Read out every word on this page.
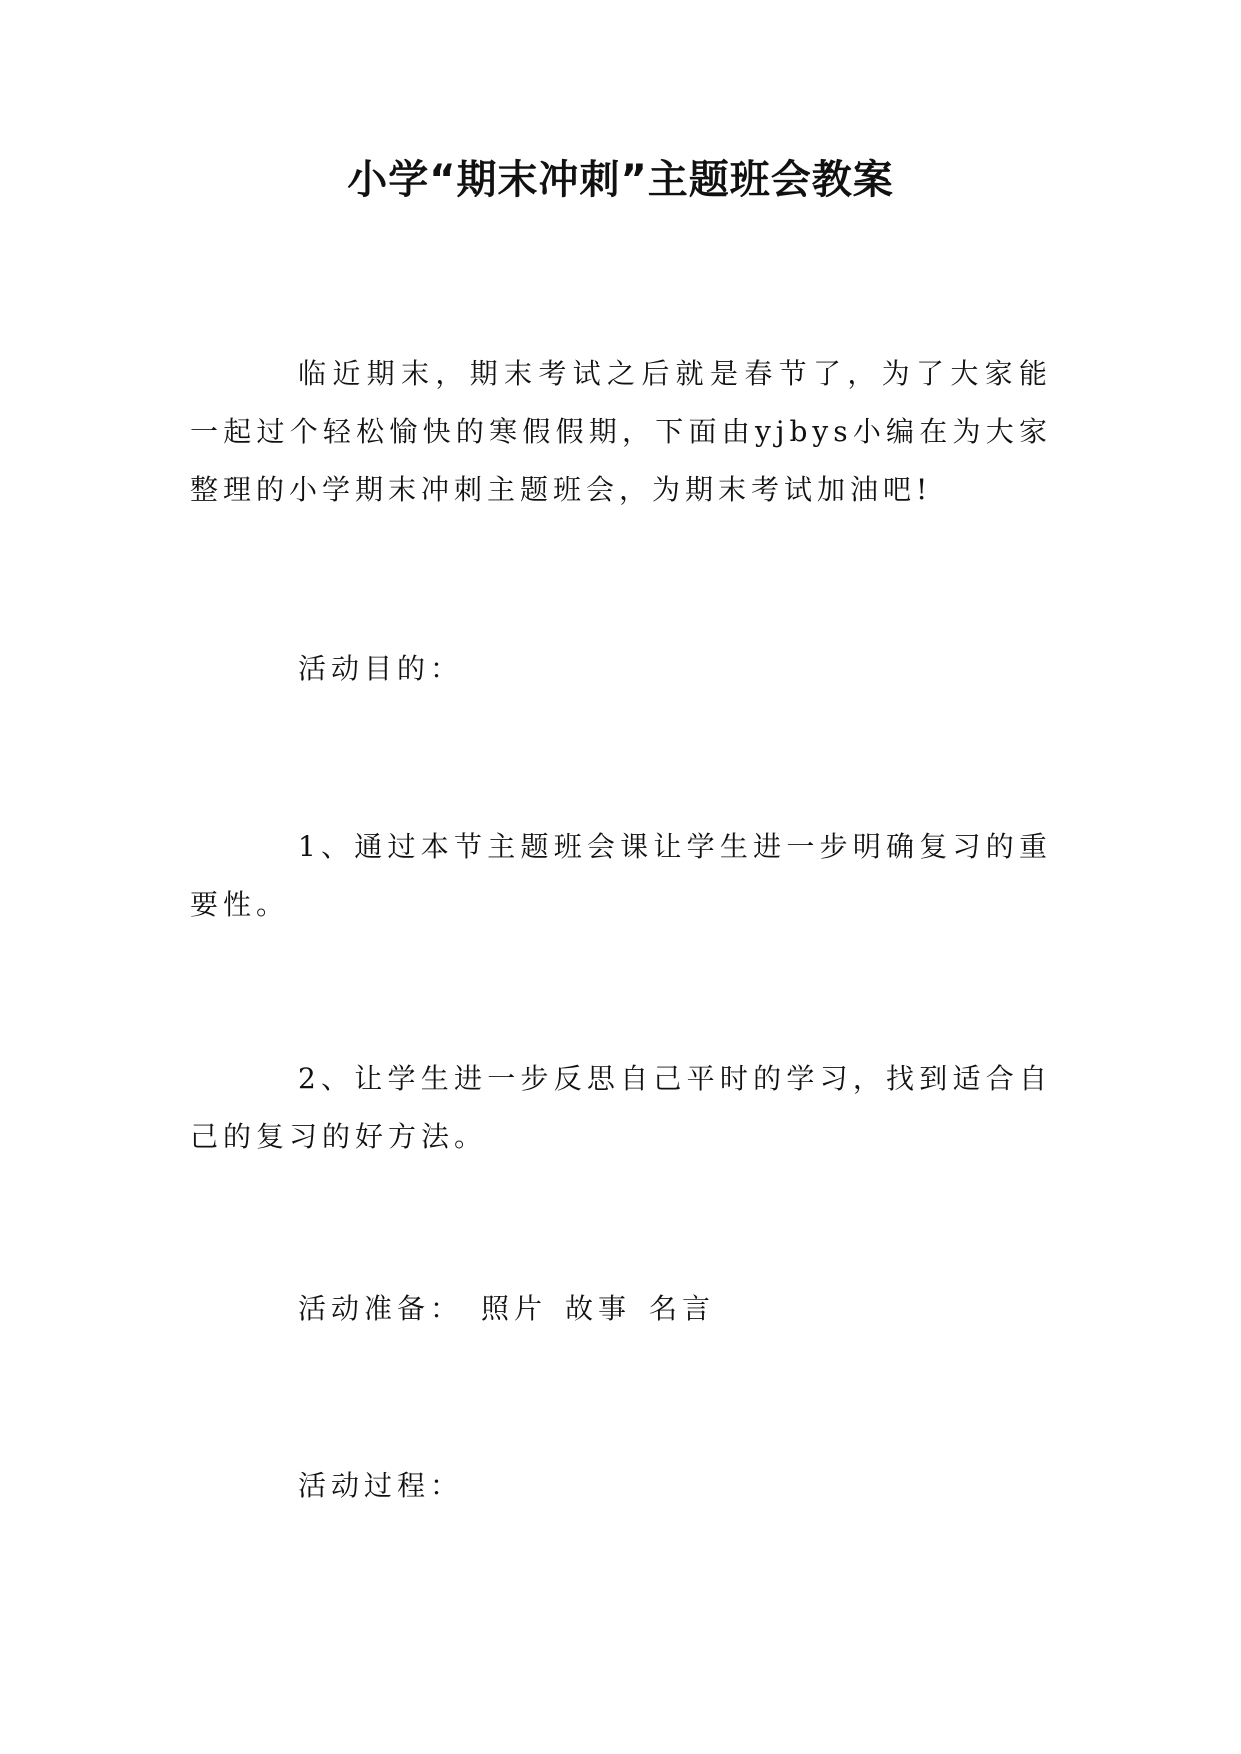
小学“期末冲刺”主题班会教案

临近期末，期末考试之后就是春节了，为了大家能一起过个轻松愉快的寒假假期，下面由yjbys小编在为大家整理的小学期末冲刺主题班会，为期末考试加油吧!

活动目的：

1、通过本节主题班会课让学生进一步明确复习的重要性。

2、让学生进一步反思自己平时的学习，找到适合自己的复习的好方法。

活动准备： 照片 故事 名言

活动过程：
